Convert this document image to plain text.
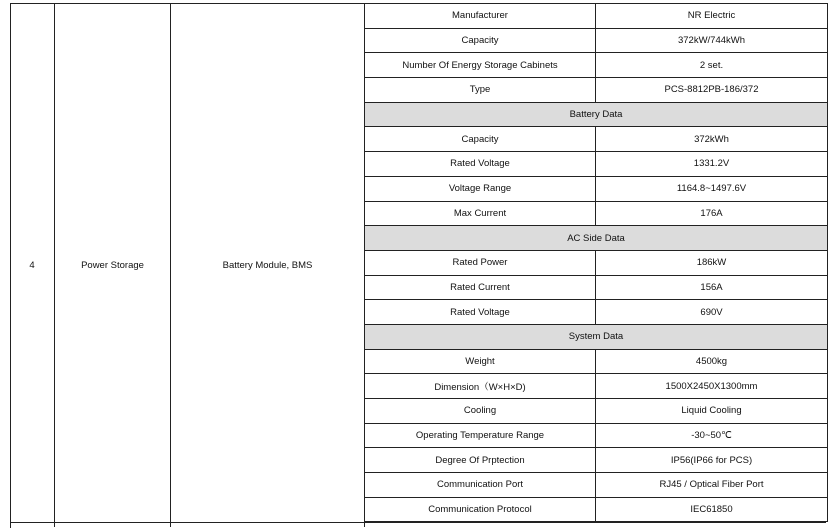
4	Power Storage	Battery Module, BMS
Manufacturer	NR Electric
Capacity	372kW/744kWh
Number Of Energy Storage Cabinets	2 set.
Type	PCS-8812PB-186/372
Battery Data	
Capacity	372kWh
Rated Voltage	1331.2V
Voltage Range	1164.8~1497.6V
Max Current	176A
AC Side Data	
Rated Power	186kW
Rated Current	156A
Rated Voltage	690V
System Data	
Weight	4500kg
Dimension（W×H×D)	1500X2450X1300mm
Cooling	Liquid Cooling
Operating Temperature Range	-30~50℃
Degree Of Prptection	IP56(IP66 for PCS)
Communication Port	RJ45 / Optical Fiber Port
Communication Protocol	IEC61850
